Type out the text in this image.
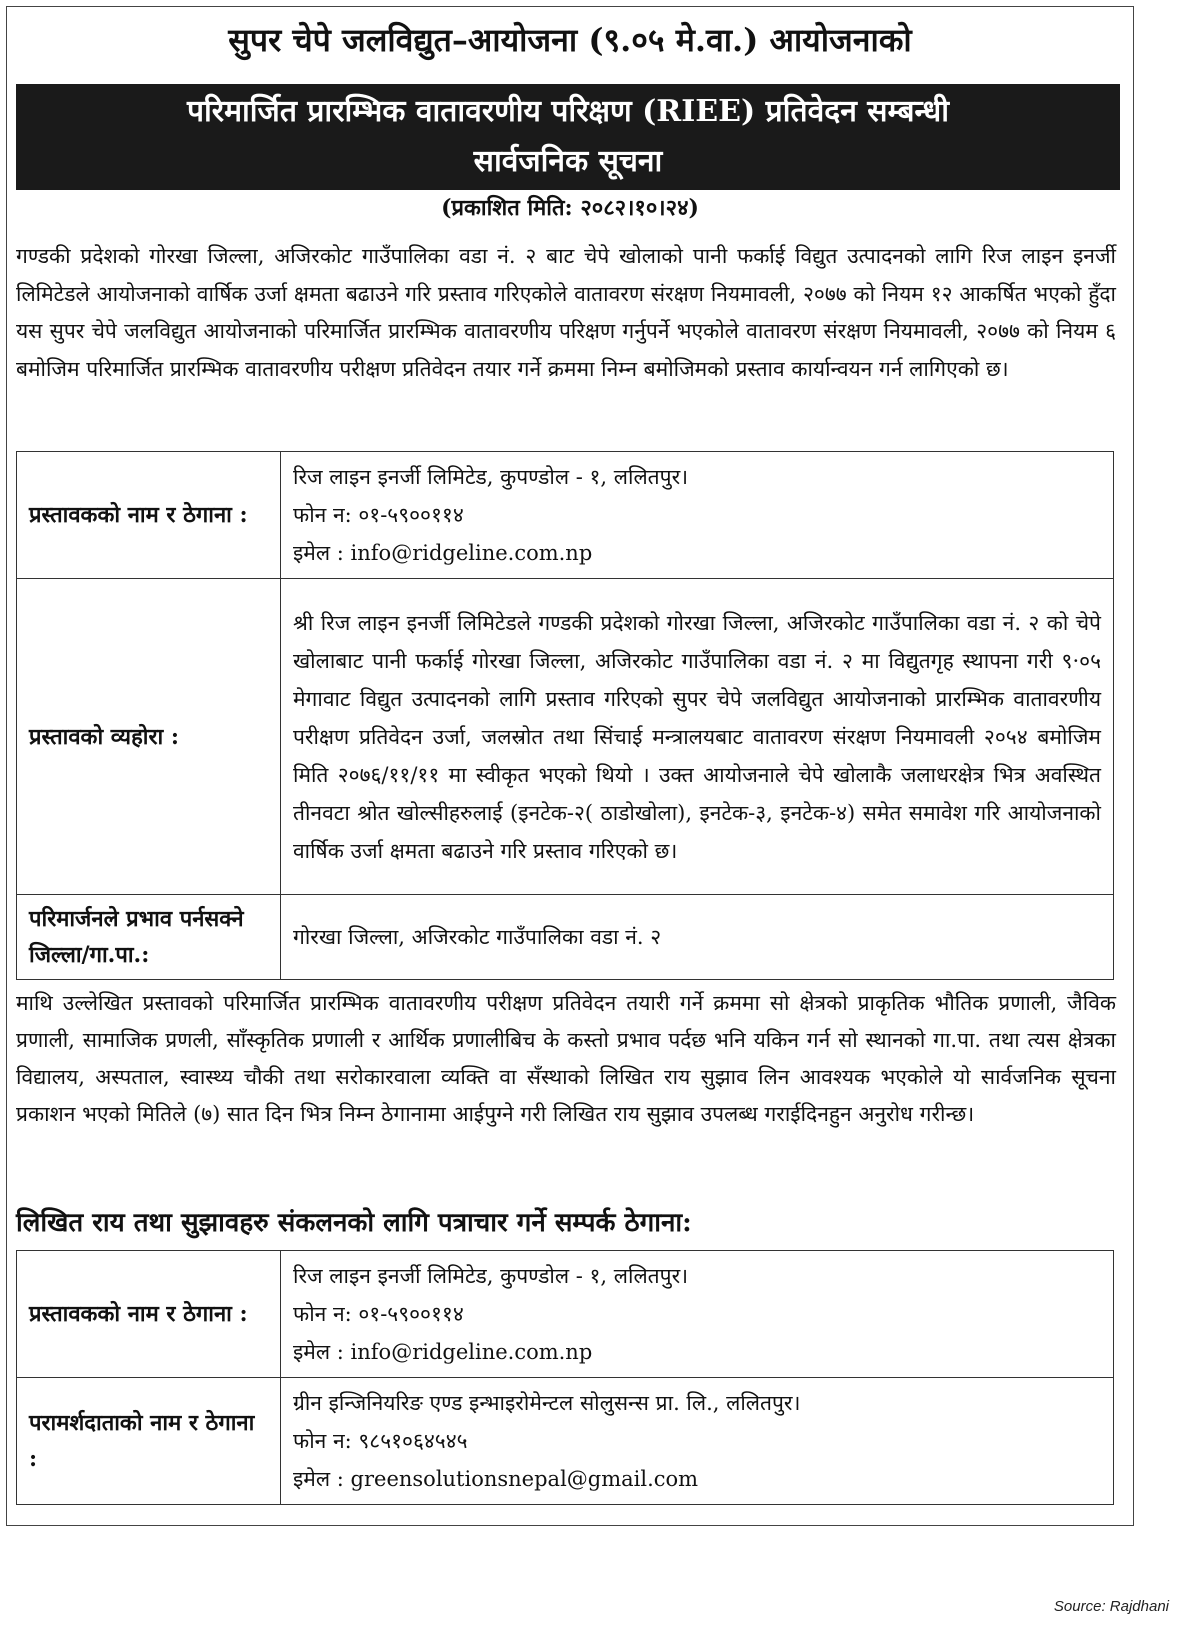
सुपर चेपे जलविद्युत–आयोजना (९.०५ मे.वा.) आयोजनाको
परिमार्जित प्रारम्भिक वातावरणीय परिक्षण (RIEE) प्रतिवेदन सम्बन्धी
सार्वजनिक सूचना
(प्रकाशित मिति: २०८२।१०।२४)

गण्डकी प्रदेशको गोरखा जिल्ला, अजिरकोट गाउँपालिका वडा नं. २ बाट चेपे खोलाको पानी फर्काई विद्युत उत्पादनको लागि रिज लाइन इनर्जी लिमिटेडले आयोजनाको वार्षिक उर्जा क्षमता बढाउने गरि प्रस्ताव गरिएकोले वातावरण संरक्षण नियमावली, २०७७ को नियम १२ आकर्षित भएको हुँदा यस सुपर चेपे जलविद्युत आयोजनाको परिमार्जित प्रारम्भिक वातावरणीय परिक्षण गर्नुपर्ने भएकोले वातावरण संरक्षण नियमावली, २०७७ को नियम ६ बमोजिम परिमार्जित प्रारम्भिक वातावरणीय परीक्षण प्रतिवेदन तयार गर्ने क्रममा निम्न बमोजिमको प्रस्ताव कार्यान्वयन गर्न लागिएको छ।

प्रस्तावकको नाम र ठेगाना :	रिज लाइन इनर्जी लिमिटेड, कुपण्डोल - १, ललितपुर।
फोन न: ०१-५९००११४
इमेल : info@ridgeline.com.np

प्रस्तावको व्यहोरा :	श्री रिज लाइन इनर्जी लिमिटेडले गण्डकी प्रदेशको गोरखा जिल्ला, अजिरकोट गाउँपालिका वडा नं. २ को चेपे खोलाबाट पानी फर्काई गोरखा जिल्ला, अजिरकोट गाउँपालिका वडा नं. २ मा विद्युतगृह स्थापना गरी ९·०५ मेगावाट विद्युत उत्पादनको लागि प्रस्ताव गरिएको सुपर चेपे जलविद्युत आयोजनाको प्रारम्भिक वातावरणीय परीक्षण प्रतिवेदन उर्जा, जलस्रोत तथा सिंचाई मन्त्रालयबाट वातावरण संरक्षण नियमावली २०५४ बमोजिम मिति २०७६/११/११ मा स्वीकृत भएको थियो । उक्त आयोजनाले चेपे खोलाकै जलाधरक्षेत्र भित्र अवस्थित तीनवटा श्रोत खोल्सीहरुलाई (इनटेक-२( ठाडोखोला), इनटेक-३, इनटेक-४) समेत समावेश गरि आयोजनाको वार्षिक उर्जा क्षमता बढाउने गरि प्रस्ताव गरिएको छ।
परिमार्जनले प्रभाव पर्नसक्ने जिल्ला/गा.पा.:	गोरखा जिल्ला, अजिरकोट गाउँपालिका वडा नं. २

माथि उल्लेखित प्रस्तावको परिमार्जित प्रारम्भिक वातावरणीय परीक्षण प्रतिवेदन तयारी गर्ने क्रममा सो क्षेत्रको प्राकृतिक भौतिक प्रणाली, जैविक प्रणाली, सामाजिक प्रणली, साँस्कृतिक प्रणाली र आर्थिक प्रणालीबिच के कस्तो प्रभाव पर्दछ भनि यकिन गर्न सो स्थानको गा.पा. तथा त्यस क्षेत्रका विद्यालय, अस्पताल, स्वास्थ्य चौकी तथा सरोकारवाला व्यक्ति वा सँस्थाको लिखित राय सुझाव लिन आवश्यक भएकोले यो सार्वजनिक सूचना प्रकाशन भएको मितिले (७) सात दिन भित्र निम्न ठेगानामा आईपुग्ने गरी लिखित राय सुझाव उपलब्ध गराईदिनहुन अनुरोध गरीन्छ।

लिखित राय तथा सुझावहरु संकलनको लागि पत्राचार गर्ने सम्पर्क ठेगाना:
प्रस्तावकको नाम र ठेगाना :	रिज लाइन इनर्जी लिमिटेड, कुपण्डोल - १, ललितपुर।
फोन न: ०१-५९००११४
इमेल : info@ridgeline.com.np

परामर्शदाताको नाम र ठेगाना :	ग्रीन इन्जिनियरिङ एण्ड इन्भाइरोमेन्टल सोलुसन्स प्रा. लि., ललितपुर।
फोन न: ९८५१०६४५४५
इमेल : greensolutionsnepal@gmail.com
Source: Rajdhani
